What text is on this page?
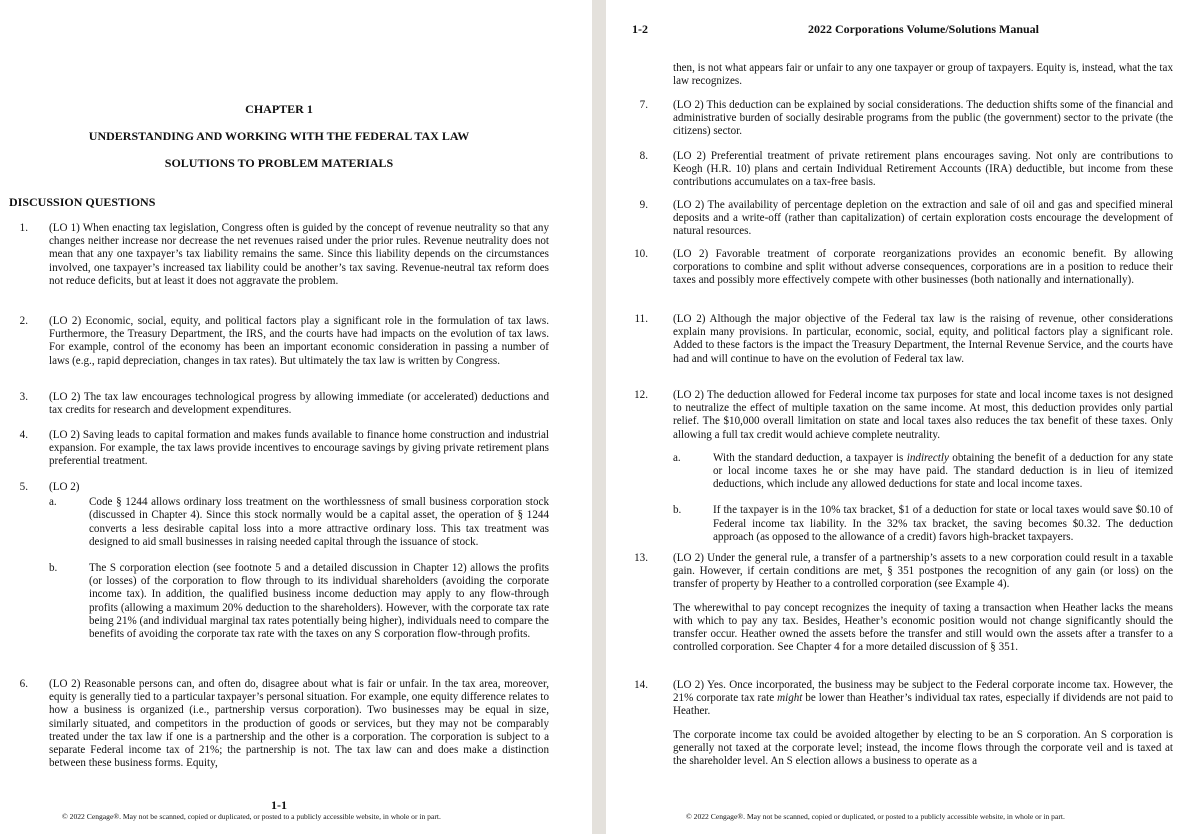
CHAPTER 1
UNDERSTANDING AND WORKING WITH THE FEDERAL TAX LAW
SOLUTIONS TO PROBLEM MATERIALS
DISCUSSION QUESTIONS
1. (LO 1) When enacting tax legislation, Congress often is guided by the concept of revenue neutrality so that any changes neither increase nor decrease the net revenues raised under the prior rules. Revenue neutrality does not mean that any one taxpayer’s tax liability remains the same. Since this liability depends on the circumstances involved, one taxpayer’s increased tax liability could be another’s tax saving. Revenue-neutral tax reform does not reduce deficits, but at least it does not aggravate the problem.
2. (LO 2) Economic, social, equity, and political factors play a significant role in the formulation of tax laws. Furthermore, the Treasury Department, the IRS, and the courts have had impacts on the evolution of tax laws. For example, control of the economy has been an important economic consideration in passing a number of laws (e.g., rapid depreciation, changes in tax rates). But ultimately the tax law is written by Congress.
3. (LO 2) The tax law encourages technological progress by allowing immediate (or accelerated) deductions and tax credits for research and development expenditures.
4. (LO 2) Saving leads to capital formation and makes funds available to finance home construction and industrial expansion. For example, the tax laws provide incentives to encourage savings by giving private retirement plans preferential treatment.
5. (LO 2)
a.	Code § 1244 allows ordinary loss treatment on the worthlessness of small business corporation stock (discussed in Chapter 4). Since this stock normally would be a capital asset, the operation of § 1244 converts a less desirable capital loss into a more attractive ordinary loss. This tax treatment was designed to aid small businesses in raising needed capital through the issuance of stock.
b.	The S corporation election (see footnote 5 and a detailed discussion in Chapter 12) allows the profits (or losses) of the corporation to flow through to its individual shareholders (avoiding the corporate income tax). In addition, the qualified business income deduction may apply to any flow-through profits (allowing a maximum 20% deduction to the shareholders). However, with the corporate tax rate being 21% (and individual marginal tax rates potentially being higher), individuals need to compare the benefits of avoiding the corporate tax rate with the taxes on any S corporation flow-through profits.
6. (LO 2) Reasonable persons can, and often do, disagree about what is fair or unfair. In the tax area, moreover, equity is generally tied to a particular taxpayer’s personal situation. For example, one equity difference relates to how a business is organized (i.e., partnership versus corporation). Two businesses may be equal in size, similarly situated, and competitors in the production of goods or services, but they may not be comparably treated under the tax law if one is a partnership and the other is a corporation. The corporation is subject to a separate Federal income tax of 21%; the partnership is not. The tax law can and does make a distinction between these business forms. Equity,
1-1
© 2022 Cengage®. May not be scanned, copied or duplicated, or posted to a publicly accessible website, in whole or in part.
1-2	2022 Corporations Volume/Solutions Manual
then, is not what appears fair or unfair to any one taxpayer or group of taxpayers. Equity is, instead, what the tax law recognizes.
7. (LO 2) This deduction can be explained by social considerations. The deduction shifts some of the financial and administrative burden of socially desirable programs from the public (the government) sector to the private (the citizens) sector.
8. (LO 2) Preferential treatment of private retirement plans encourages saving. Not only are contributions to Keogh (H.R. 10) plans and certain Individual Retirement Accounts (IRA) deductible, but income from these contributions accumulates on a tax-free basis.
9. (LO 2) The availability of percentage depletion on the extraction and sale of oil and gas and specified mineral deposits and a write-off (rather than capitalization) of certain exploration costs encourage the development of natural resources.
10. (LO 2) Favorable treatment of corporate reorganizations provides an economic benefit. By allowing corporations to combine and split without adverse consequences, corporations are in a position to reduce their taxes and possibly more effectively compete with other businesses (both nationally and internationally).
11. (LO 2) Although the major objective of the Federal tax law is the raising of revenue, other considerations explain many provisions. In particular, economic, social, equity, and political factors play a significant role. Added to these factors is the impact the Treasury Department, the Internal Revenue Service, and the courts have had and will continue to have on the evolution of Federal tax law.
12. (LO 2) The deduction allowed for Federal income tax purposes for state and local income taxes is not designed to neutralize the effect of multiple taxation on the same income. At most, this deduction provides only partial relief. The $10,000 overall limitation on state and local taxes also reduces the tax benefit of these taxes. Only allowing a full tax credit would achieve complete neutrality.
a.	With the standard deduction, a taxpayer is indirectly obtaining the benefit of a deduction for any state or local income taxes he or she may have paid. The standard deduction is in lieu of itemized deductions, which include any allowed deductions for state and local income taxes.
b.	If the taxpayer is in the 10% tax bracket, $1 of a deduction for state or local taxes would save $0.10 of Federal income tax liability. In the 32% tax bracket, the saving becomes $0.32. The deduction approach (as opposed to the allowance of a credit) favors high-bracket taxpayers.
13. (LO 2) Under the general rule, a transfer of a partnership’s assets to a new corporation could result in a taxable gain. However, if certain conditions are met, § 351 postpones the recognition of any gain (or loss) on the transfer of property by Heather to a controlled corporation (see Example 4).
The wherewithal to pay concept recognizes the inequity of taxing a transaction when Heather lacks the means with which to pay any tax. Besides, Heather’s economic position would not change significantly should the transfer occur. Heather owned the assets before the transfer and still would own the assets after a transfer to a controlled corporation. See Chapter 4 for a more detailed discussion of § 351.
14. (LO 2) Yes. Once incorporated, the business may be subject to the Federal corporate income tax. However, the 21% corporate tax rate might be lower than Heather’s individual tax rates, especially if dividends are not paid to Heather.
The corporate income tax could be avoided altogether by electing to be an S corporation. An S corporation is generally not taxed at the corporate level; instead, the income flows through the corporate veil and is taxed at the shareholder level. An S election allows a business to operate as a
© 2022 Cengage®. May not be scanned, copied or duplicated, or posted to a publicly accessible website, in whole or in part.
